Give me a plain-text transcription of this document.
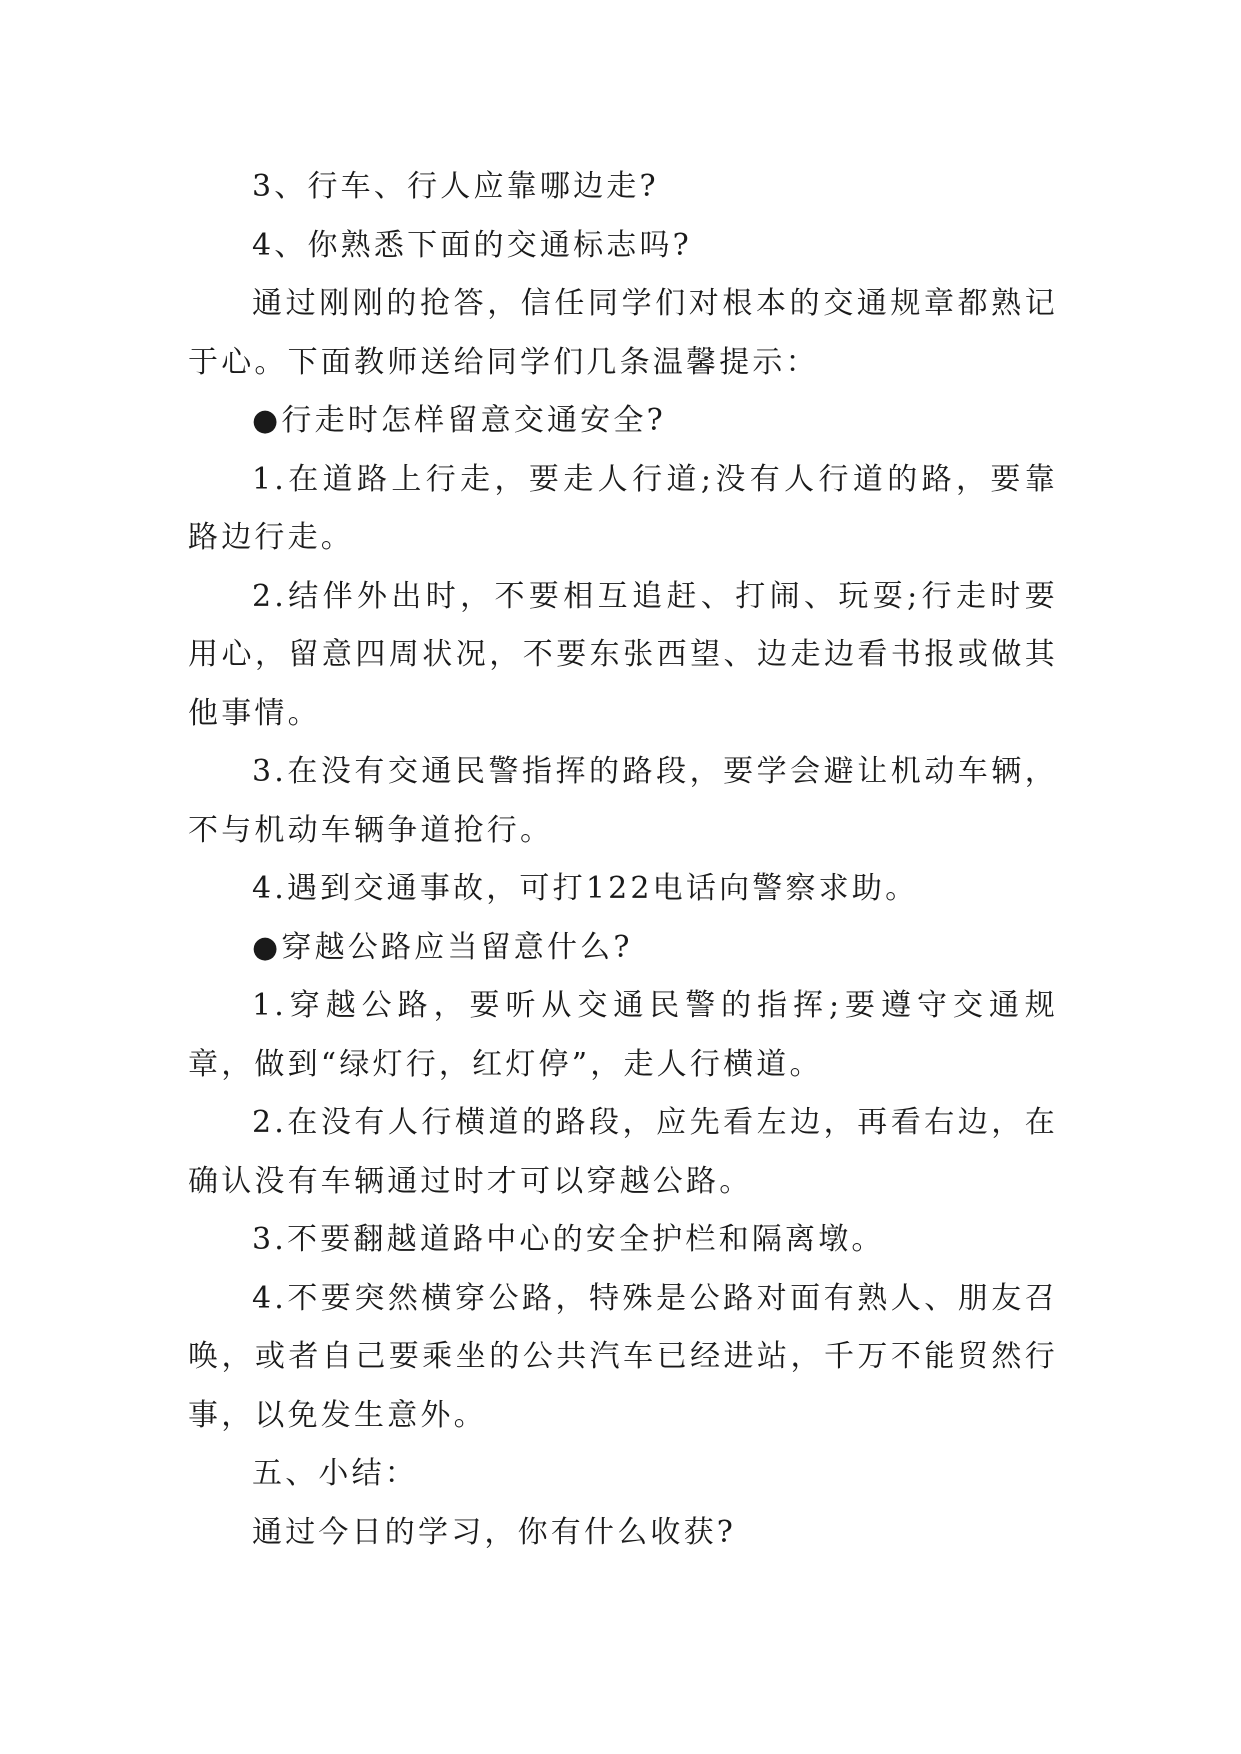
3、行车、行人应靠哪边走?

4、你熟悉下面的交通标志吗?

通过刚刚的抢答，信任同学们对根本的交通规章都熟记于心。下面教师送给同学们几条温馨提示：

●行走时怎样留意交通安全?

1.在道路上行走，要走人行道;没有人行道的路，要靠路边行走。

2.结伴外出时，不要相互追赶、打闹、玩耍;行走时要用心，留意四周状况，不要东张西望、边走边看书报或做其他事情。

3.在没有交通民警指挥的路段，要学会避让机动车辆，不与机动车辆争道抢行。

4.遇到交通事故，可打122电话向警察求助。

●穿越公路应当留意什么?

1.穿越公路，要听从交通民警的指挥;要遵守交通规章，做到“绿灯行，红灯停”，走人行横道。

2.在没有人行横道的路段，应先看左边，再看右边，在确认没有车辆通过时才可以穿越公路。

3.不要翻越道路中心的安全护栏和隔离墩。

4.不要突然横穿公路，特殊是公路对面有熟人、朋友召唤，或者自己要乘坐的公共汽车已经进站，千万不能贸然行事，以免发生意外。

五、小结：

通过今日的学习，你有什么收获?
